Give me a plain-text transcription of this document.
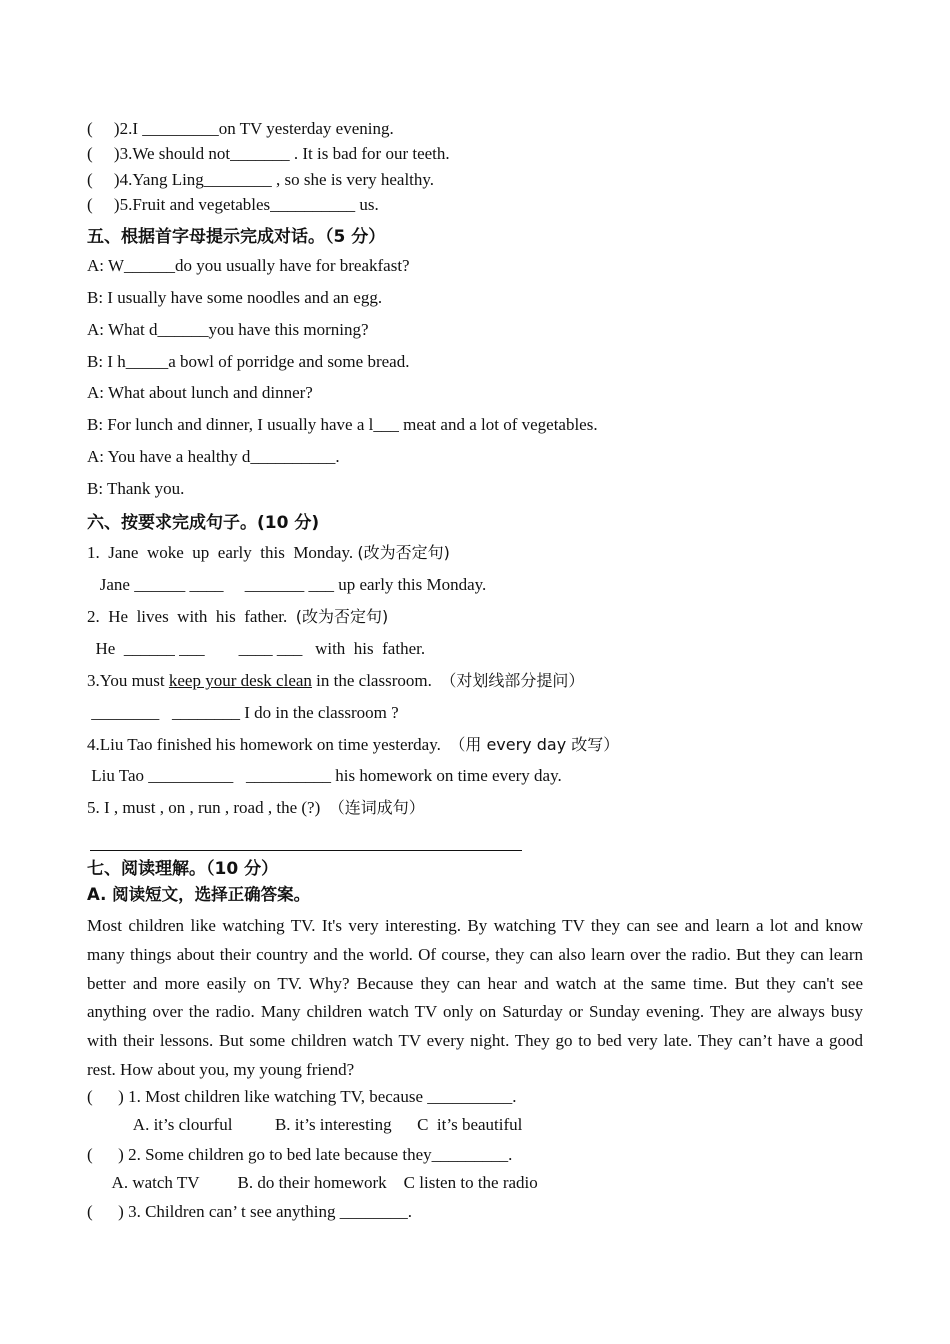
(     )2.I _________on TV yesterday evening.
(     )3.We should not_______ . It is bad for our teeth.
(     )4.Yang Ling________ , so she is very healthy.
(     )5.Fruit and vegetables__________ us.
五、根据首字母提示完成对话。（5 分）
A: W______do you usually have for breakfast?
B: I usually have some noodles and an egg.
A: What d______you have this morning?
B: I h_____a bowl of porridge and some bread.
A: What about lunch and dinner?
B: For lunch and dinner, I usually have a l___ meat and a lot of vegetables.
A: You have a healthy d__________.
B: Thank you.
六、按要求完成句子。(10 分)
1.  Jane  woke  up  early  this  Monday. (改为否定句)
Jane ______ ____     _______ ___ up early this Monday.
2.  He  lives  with  his  father.  (改为否定句)
He  ______ ___        ____ ___   with  his  father.
3.You must keep your desk clean in the classroom.  （对划线部分提问）
________   ________ I do in the classroom ?
4.Liu Tao finished his homework on time yesterday.  （用 every day 改写）
Liu Tao __________   __________ his homework on time every day.
5. I , must , on , run , road , the (?)  （连词成句）
七、阅读理解。（10 分）
A. 阅读短文，选择正确答案。
Most children like watching TV. It's very interesting. By watching TV they can see and learn a lot and know many things about their country and the world. Of course, they can also learn over the radio. But they can learn better and more easily on TV. Why? Because they can hear and watch at the same time. But they can't see anything over the radio. Many children watch TV only on Saturday or Sunday evening. They are always busy with their lessons. But some children watch TV every night. They go to bed very late. They can’t have a good rest. How about you, my young friend?
(      ) 1. Most children like watching TV, because __________.
A. it’s clourful          B. it’s interesting      C  it’s beautiful
(      ) 2. Some children go to bed late because they_________.
A. watch TV         B. do their homework    C listen to the radio
(      ) 3. Children can’ t see anything ________.
